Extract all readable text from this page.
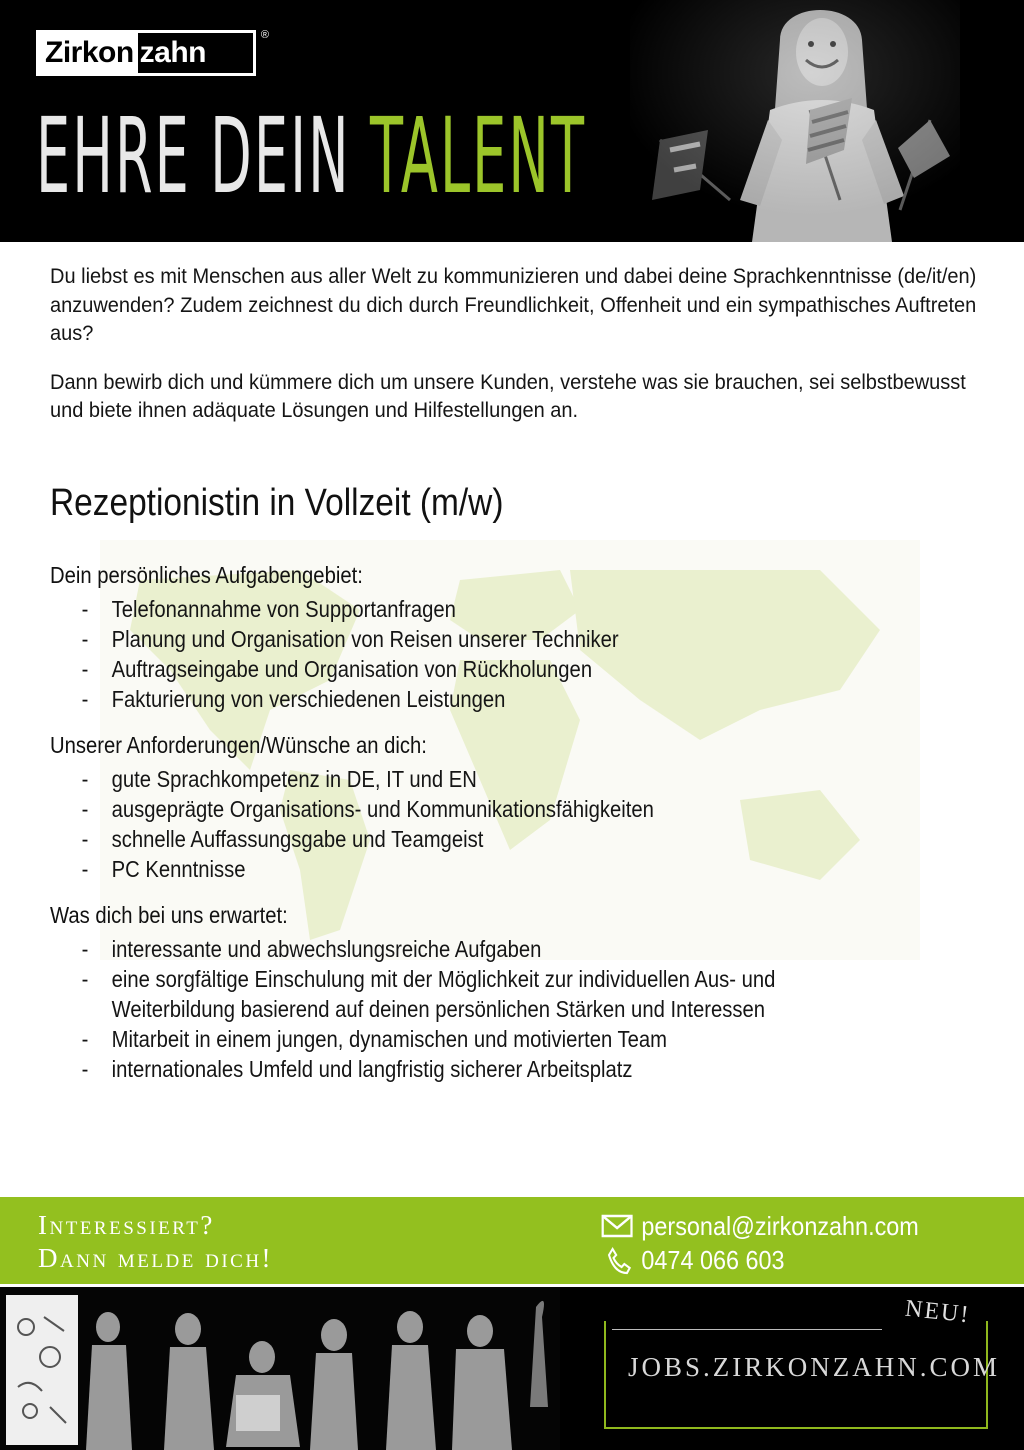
Zirkon zahn
®
EHRE DEIN TALENT

Du liebst es mit Menschen aus aller Welt zu kommunizieren und dabei deine Sprachkenntnisse (de/it/en) anzuwenden? Zudem zeichnest du dich durch Freundlichkeit, Offenheit und ein sympathisches Auftreten aus?

Dann bewirb dich und kümmere dich um unsere Kunden, verstehe was sie brauchen, sei selbstbewusst und biete ihnen adäquate Lösungen und Hilfestellungen an.

Rezeptionistin in Vollzeit (m/w)
Dein persönliches Aufgabengebiet:
- Telefonannahme von Supportanfragen
- Planung und Organisation von Reisen unserer Techniker
- Auftragseingabe und Organisation von Rückholungen
- Fakturierung von verschiedenen Leistungen
Unserer Anforderungen/Wünsche an dich:
- gute Sprachkompetenz in DE, IT und EN
- ausgeprägte Organisations- und Kommunikationsfähigkeiten
- schnelle Auffassungsgabe und Teamgeist
- PC Kenntnisse
Was dich bei uns erwartet:
- interessante und abwechslungsreiche Aufgaben
- eine sorgfältige Einschulung mit der Möglichkeit zur individuellen Aus- und
Weiterbildung basierend auf deinen persönlichen Stärken und Interessen
- Mitarbeit in einem jungen, dynamischen und motivierten Team
- internationales Umfeld und langfristig sicherer Arbeitsplatz
Interessiert?
Dann melde dich!
personal@zirkonzahn.com
0474 066 603
NEU!
JOBS.ZIRKONZAHN.COM
